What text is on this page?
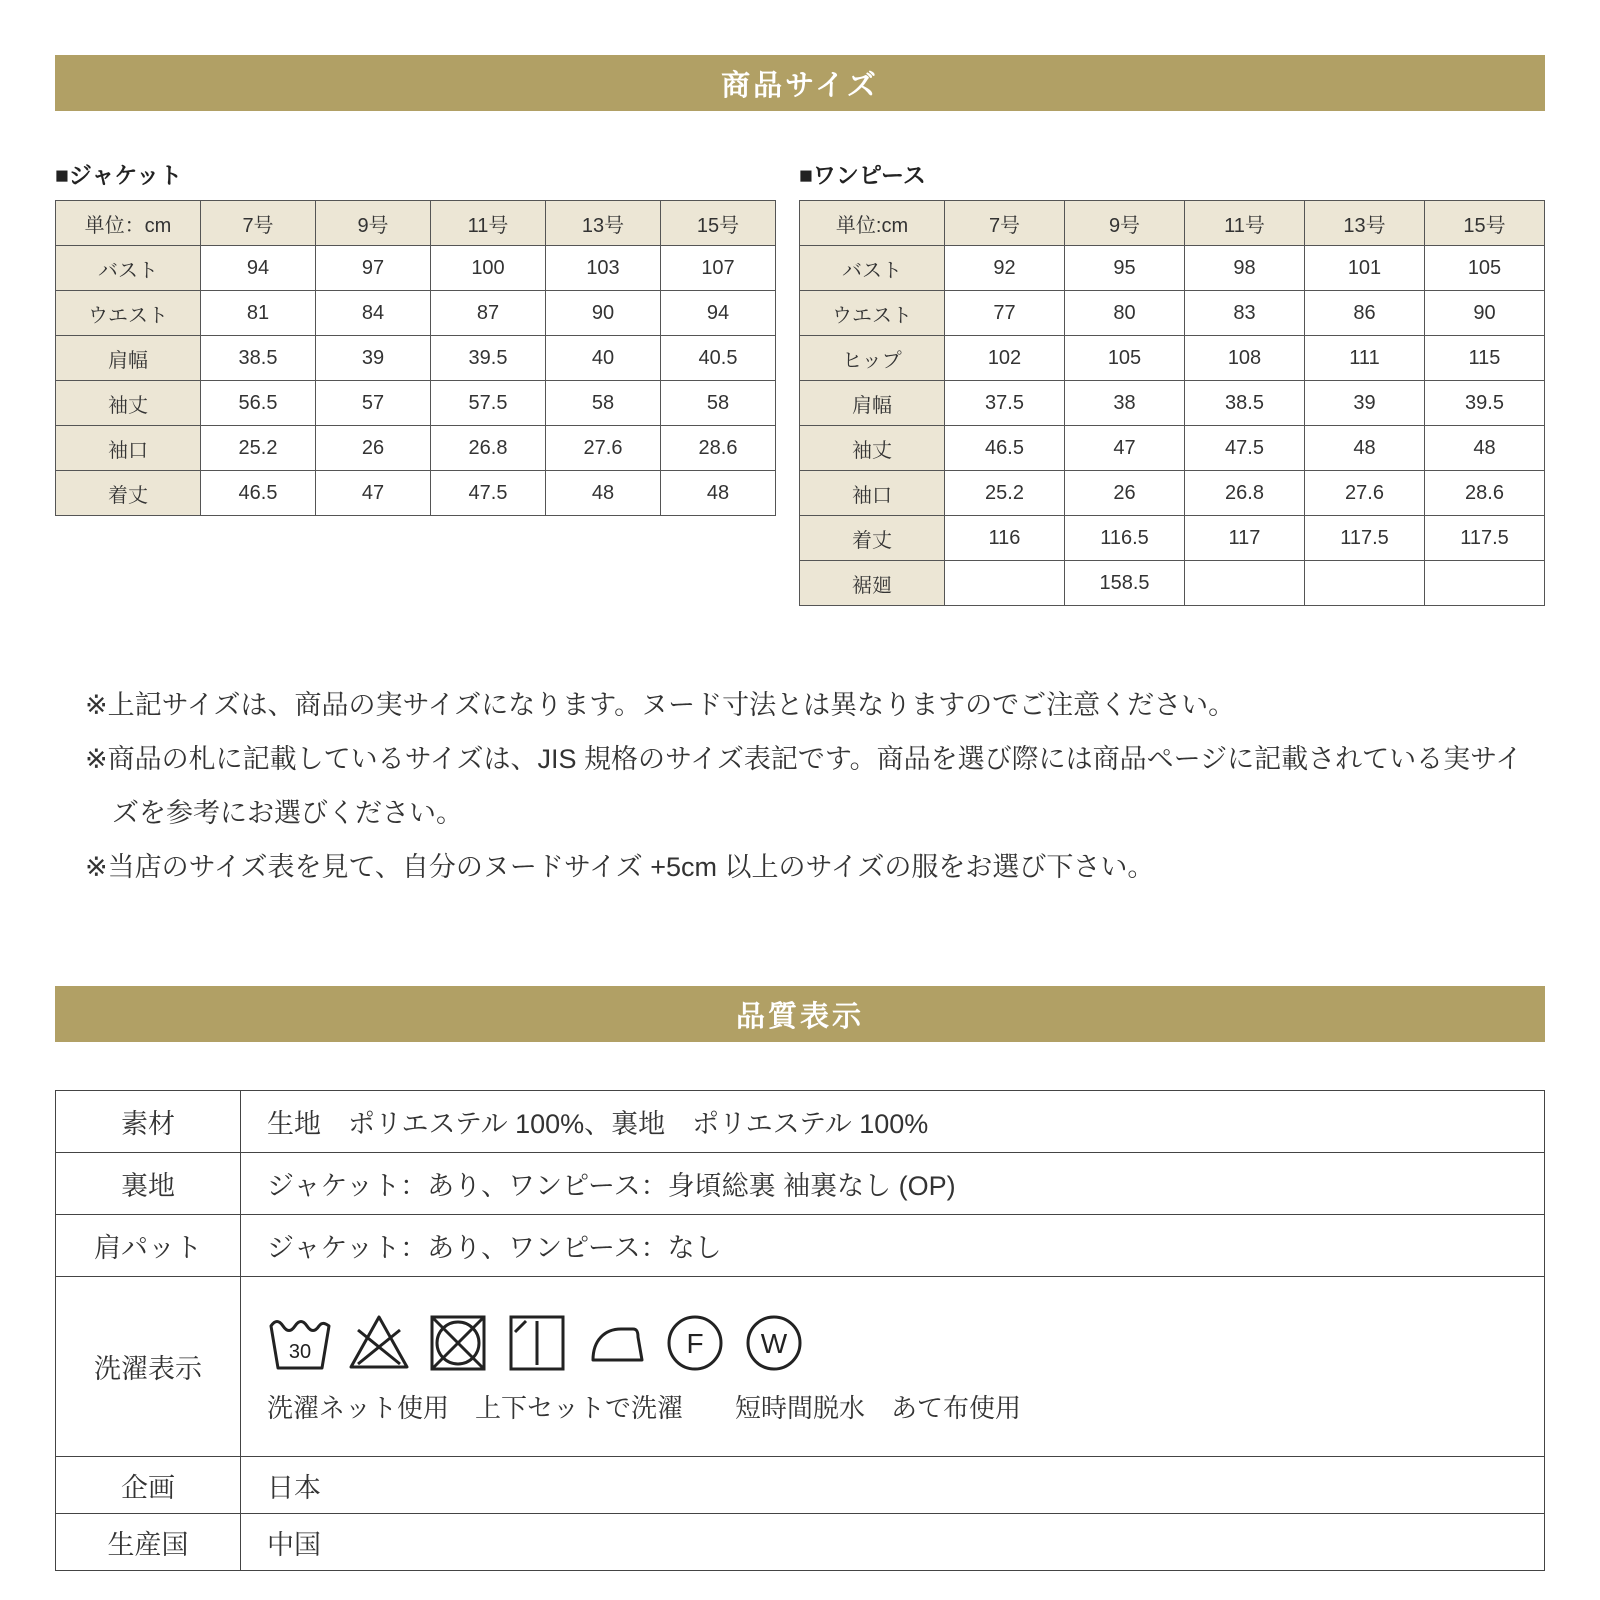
商品サイズ
■ジャケット
単位：cm	7号	9号	11号	13号	15号
バスト	94	97	100	103	107
ウエスト	81	84	87	90	94
肩幅	38.5	39	39.5	40	40.5
袖丈	56.5	57	57.5	58	58
袖口	25.2	26	26.8	27.6	28.6
着丈	46.5	47	47.5	48	48
■ワンピース
単位:cm	7号	9号	11号	13号	15号
バスト	92	95	98	101	105
ウエスト	77	80	83	86	90
ヒップ	102	105	108	111	115
肩幅	37.5	38	38.5	39	39.5
袖丈	46.5	47	47.5	48	48
袖口	25.2	26	26.8	27.6	28.6
着丈	116	116.5	117	117.5	117.5
裾廻		158.5			

※上記サイズは、商品の実サイズになります。ヌード寸法とは異なりますのでご注意ください。

※商品の札に記載しているサイズは、JIS 規格のサイズ表記です。商品を選び際には商品ページに記載されている実サイズを参考にお選びください。

※当店のサイズ表を見て、自分のヌードサイズ +5cm 以上のサイズの服をお選び下さい。

品質表示
素材	生地　ポリエステル 100%、裏地　ポリエステル 100%
裏地	ジャケット：あり、ワンピース：身頃総裏 袖裏なし (OP)
肩パット	ジャケット：あり、ワンピース：なし
洗濯表示	30 F W
洗濯ネット使用　上下セットで洗濯　　短時間脱水　あて布使用

企画	日本
生産国	中国
